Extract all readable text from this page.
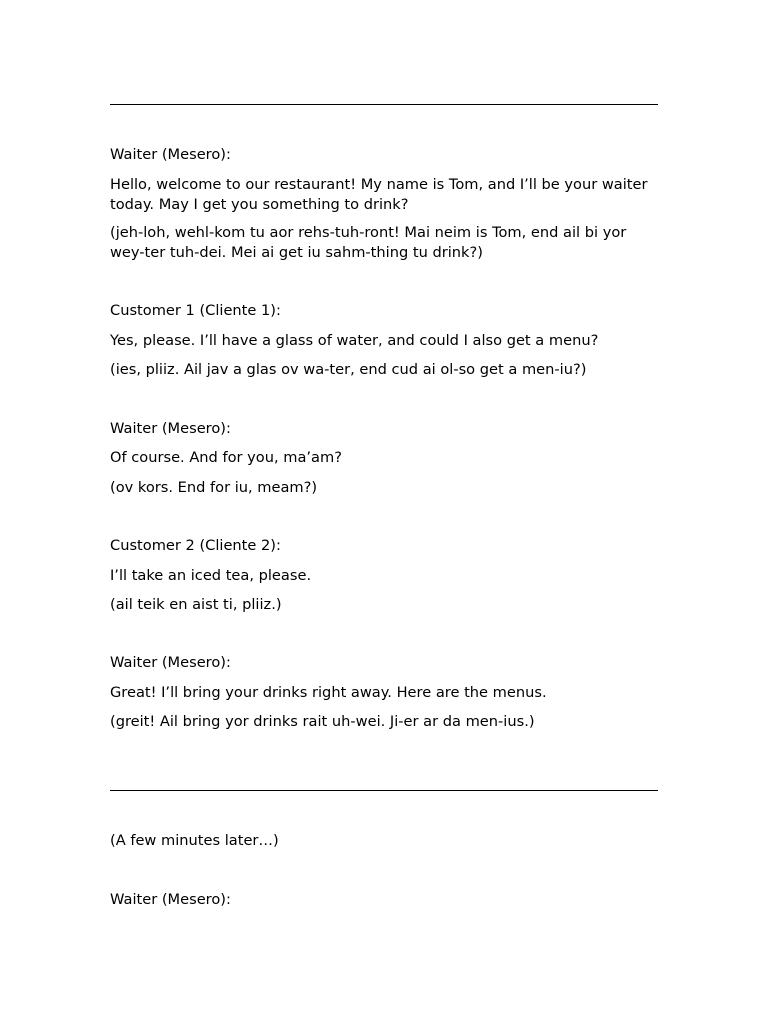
Waiter (Mesero):

Hello, welcome to our restaurant! My name is Tom, and I’ll be your waiter today. May I get you something to drink?

(jeh-loh, wehl-kom tu aor rehs-tuh-ront! Mai neim is Tom, end ail bi yor wey-ter tuh-dei. Mei ai get iu sahm-thing tu drink?)

Customer 1 (Cliente 1):

Yes, please. I’ll have a glass of water, and could I also get a menu?

(ies, pliiz. Ail jav a glas ov wa-ter, end cud ai ol-so get a men-iu?)

Waiter (Mesero):

Of course. And for you, ma’am?

(ov kors. End for iu, meam?)

Customer 2 (Cliente 2):

I’ll take an iced tea, please.

(ail teik en aist ti, pliiz.)

Waiter (Mesero):

Great! I’ll bring your drinks right away. Here are the menus.

(greit! Ail bring yor drinks rait uh-wei. Ji-er ar da men-ius.)

(A few minutes later…)

Waiter (Mesero):
